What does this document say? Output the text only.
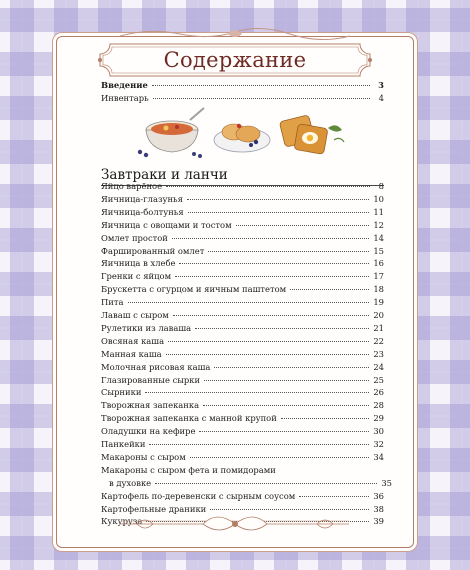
Содержание
Введение	3
Инвентарь	4
Завтраки и ланчи
Яйцо варёное	8
Яичница-глазунья	10
Яичница-болтунья	11
Яичница с овощами и тостом	12
Омлет простой	14
Фаршированный омлет	15
Яичница в хлебе	16
Гренки с яйцом	17
Брускетта с огурцом и яичным паштетом	18
Пита	19
Лаваш с сыром	20
Рулетики из лаваша	21
Овсяная каша	22
Манная каша	23
Молочная рисовая каша	24
Глазированные сырки	25
Сырники	26
Творожная запеканка	28
Творожная запеканка с манной крупой	29
Оладушки на кефире	30
Панкейки	32
Макароны с сыром	34
Макароны с сыром фета и помидорами
в духовке	35
Картофель по-деревенски с сырным соусом	36
Картофельные драники	38
Кукуруза	39
